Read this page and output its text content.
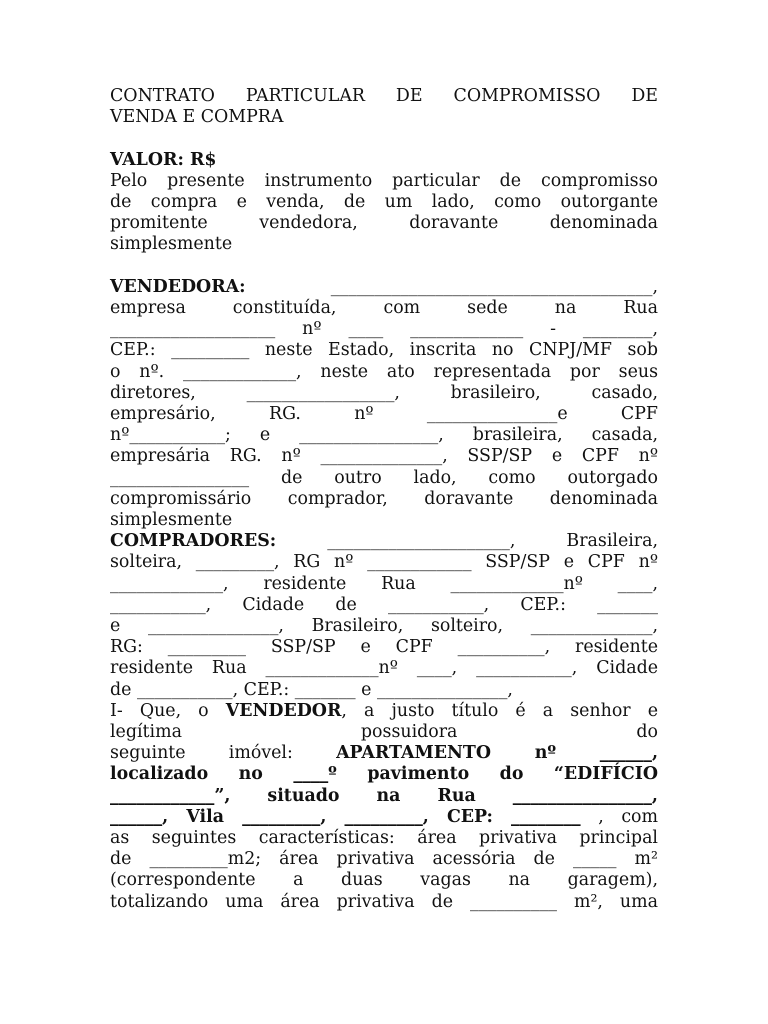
CONTRATO PARTICULAR DE COMPROMISSO DE
VENDA E COMPRA

VALOR: R$

Pelo presente instrumento particular de compromisso
de compra e venda, de um lado, como outorgante
promitente vendedora, doravante denominada
simplesmente

VENDEDORA:	_____________________________________,
empresa constituída, com sede na Rua
___________________ nº ____ _____________ - ________,
CEP.: _________ neste Estado, inscrita no CNPJ/MF sob
o nº. _____________, neste ato representada por seus
diretores, _________________, brasileiro, casado,
empresário, RG. nº _______________e CPF
nº___________; e ________________, brasileira, casada,
empresária RG. nº ______________, SSP/SP e CPF nº
________________ de outro lado, como outorgado
compromissário comprador, doravante denominada
simplesmente
COMPRADORES:	_____________________, Brasileira,
solteira, _________, RG nº ____________ SSP/SP e CPF nº
_____________, residente Rua _____________nº ____,
___________, Cidade de ___________, CEP.: _______
e _______________, Brasileiro, solteiro, ______________,
RG: _________ SSP/SP e CPF __________, residente
residente Rua _____________nº ____, ___________, Cidade
de ___________, CEP.: _______ e _______________,
I- Que, o VENDEDOR, a justo título é a senhor e
legítima possuidora do
seguinte imóvel: APARTAMENTO nº ______,
localizado no ____º pavimento do “EDIFÍCIO
____________”, situado na Rua ________________,
______, Vila _________, _________, CEP: ________ , com
as seguintes características: área privativa principal
de _________m2; área privativa acessória de _____ m²
(correspondente a duas vagas na garagem),
totalizando uma área privativa de __________ m², uma
